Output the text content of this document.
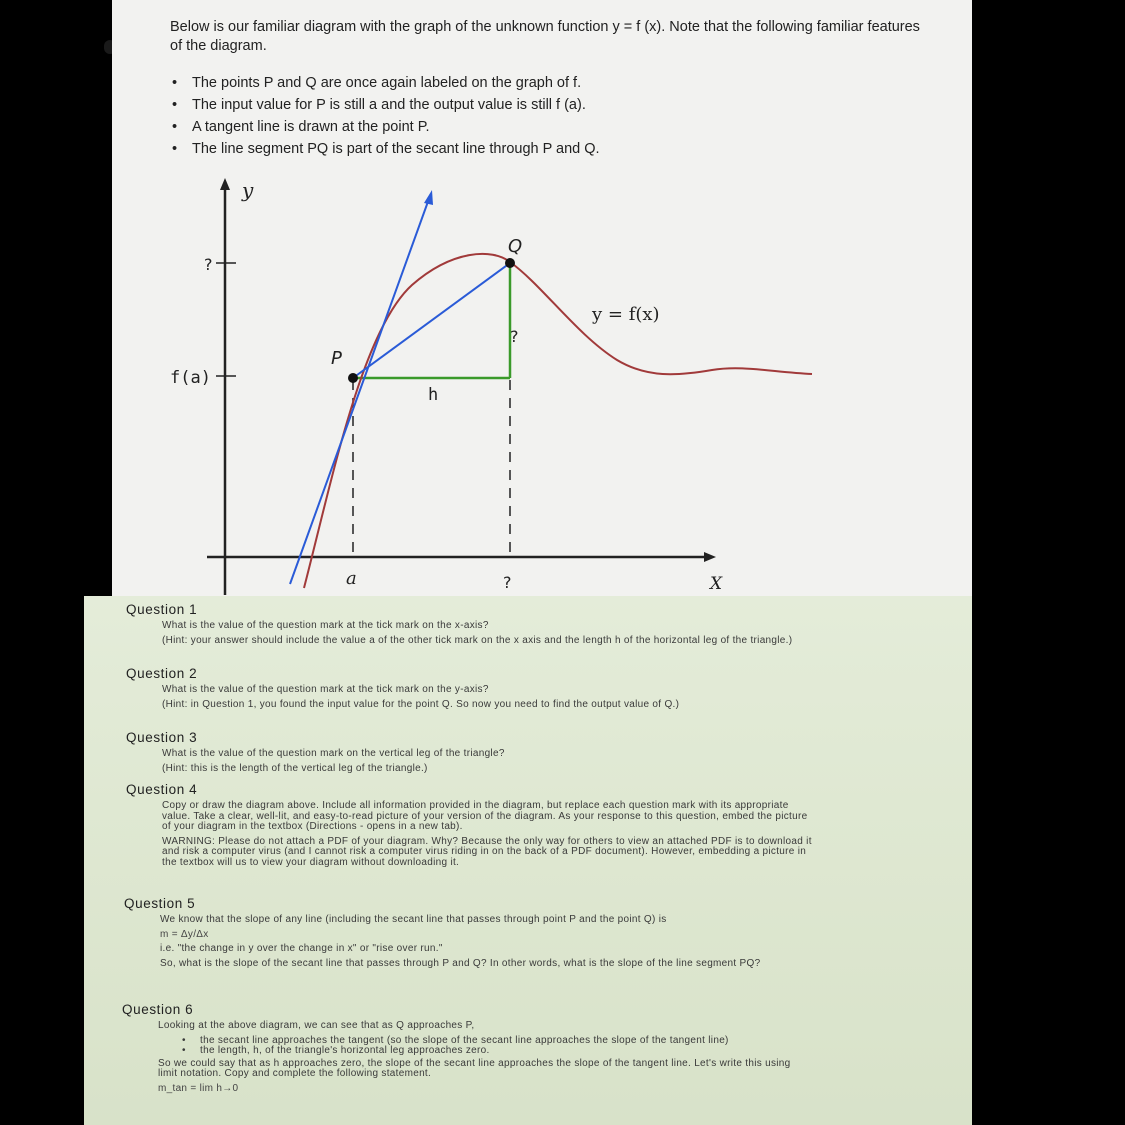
Below is our familiar diagram with the graph of the unknown function y = f (x). Note that the following familiar features of the diagram.
• The points P and Q are once again labeled on the graph of f.
• The input value for P is still a and the output value is still f (a).
• A tangent line is drawn at the point P.
• The line segment PQ is part of the secant line through P and Q.
y
X
?
f(a)
a	?
P
Q
?
h
y = f(x)
Question 1

What is the value of the question mark at the tick mark on the x-axis?

(Hint: your answer should include the value a of the other tick mark on the x axis and the length h of the horizontal leg of the triangle.)

Question 2

What is the value of the question mark at the tick mark on the y-axis?

(Hint: in Question 1, you found the input value for the point Q. So now you need to find the output value of Q.)

Question 3

What is the value of the question mark on the vertical leg of the triangle?

(Hint: this is the length of the vertical leg of the triangle.)

Question 4

Copy or draw the diagram above. Include all information provided in the diagram, but replace each question mark with its appropriate value. Take a clear, well-lit, and easy-to-read picture of your version of the diagram. As your response to this question, embed the picture of your diagram in the textbox (Directions - opens in a new tab).

WARNING: Please do not attach a PDF of your diagram. Why? Because the only way for others to view an attached PDF is to download it and risk a computer virus (and I cannot risk a computer virus riding in on the back of a PDF document). However, embedding a picture in the textbox will us to view your diagram without downloading it.

Question 5

We know that the slope of any line (including the secant line that passes through point P and the point Q) is

m = Δy/Δx

i.e. "the change in y over the change in x" or "rise over run."

So, what is the slope of the secant line that passes through P and Q? In other words, what is the slope of the line segment PQ?

Question 6

Looking at the above diagram, we can see that as Q approaches P,

• the secant line approaches the tangent (so the slope of the secant line approaches the slope of the tangent line)
• the length, h, of the triangle's horizontal leg approaches zero.

So we could say that as h approaches zero, the slope of the secant line approaches the slope of the tangent line. Let's write this using limit notation. Copy and complete the following statement.

m_tan = lim h→0
